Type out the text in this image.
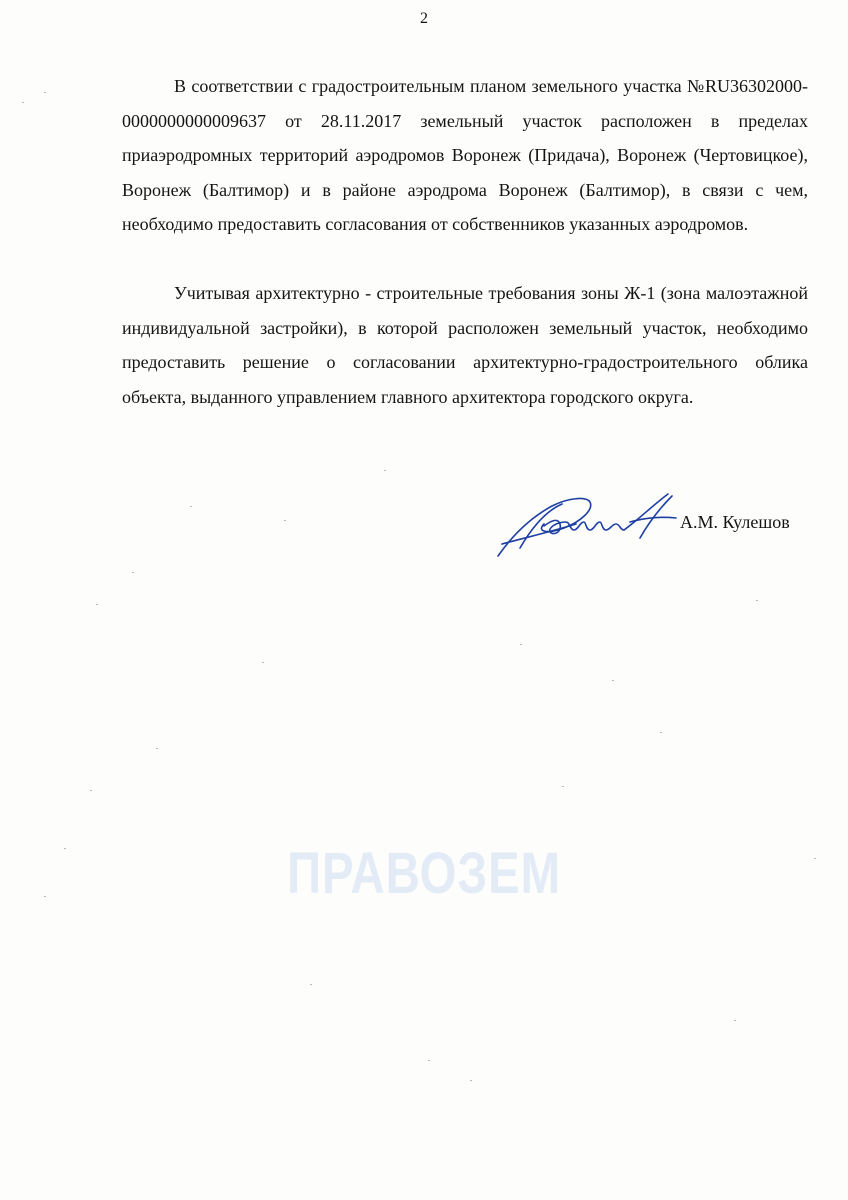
2

В соответствии с градостроительным планом земельного участка №RU36302000-0000000000009637 от 28.11.2017 земельный участок расположен в пределах приаэродромных территорий аэродромов Воронеж (Придача), Воронеж (Чертовицкое), Воронеж (Балтимор) и в районе аэродрома Воронеж (Балтимор), в связи с чем, необходимо предоставить согласования от собственников указанных аэродромов.

Учитывая архитектурно - строительные требования зоны Ж-1 (зона малоэтажной индивидуальной застройки), в которой расположен земельный участок, необходимо предоставить решение о согласовании архитектурно-градостроительного облика объекта, выданного управлением главного архитектора городского округа.

А.М. Кулешов
ПРАВОЗЕМ
